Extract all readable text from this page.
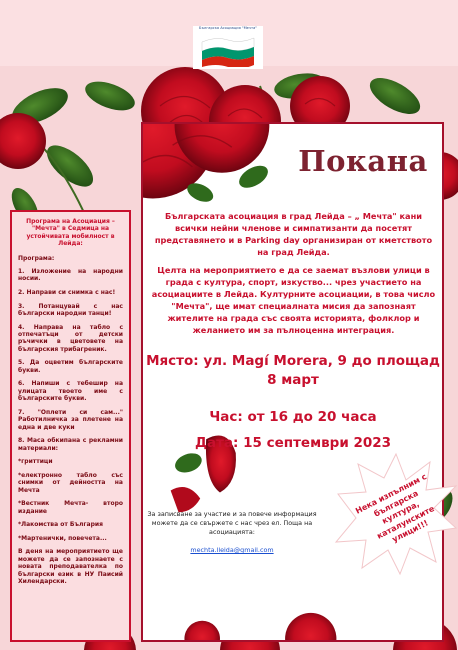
Българска Асоциация "Мечта"
Програма на Асоциация – "Мечта" в Седмица на устойчивата мобилност в Лейда:
Програма:
1. Изложение на народни носии.
2. Направи си снимка с нас!
3. Потанцувай с нас български народни танци!
4. Направа на табло с отпечатъци от детски ръчички в цветовете на българския трибагреник.
5. Да оцветим българските букви.
6. Напиши с тебешир на улицата твоето име с българските букви.
7. "Оплети си сам..." Работилничка за плетене на една и две куки
8. Маса обкипана с рекламни материали:
*гриттици
*електронно табло със снимки от дейността на Мечта
*Вестник Мечта- второ издание
*Лакомства от България
*Мартенички, повечета...
В деня на мероприятието ще можете да се запознаете с новата преподавателка по български език в НУ Паисий Хилендарски.
Покана

Българската асоциация в град Лейда – „ Мечта" кани всички нейни членове и симпатизанти да посетят представянето и в Parking day организиран от кметството на град Лейда.

Целта на мероприятието е да се заемат възлови улици в града с култура, спорт, изкуство... чрез участието на асоциациите в Лейда. Културните асоциации, в това число "Мечта", ще имат специалната мисия да запознаят жителите на града със своята историята, фолклор и желанието им за пълноценна интеграция.

Място: ул. Magí Morera, 9 до площад
8 март
Час: от 16 до 20 часа
Дата: 15 септември 2023

За записване за участие и за повече информация можете да се свържете с нас чрез ел. Поща на асоциацията:

mechta.lleida@gmail.com
Нека изпълним с българска култура, каталунските улици!!!
